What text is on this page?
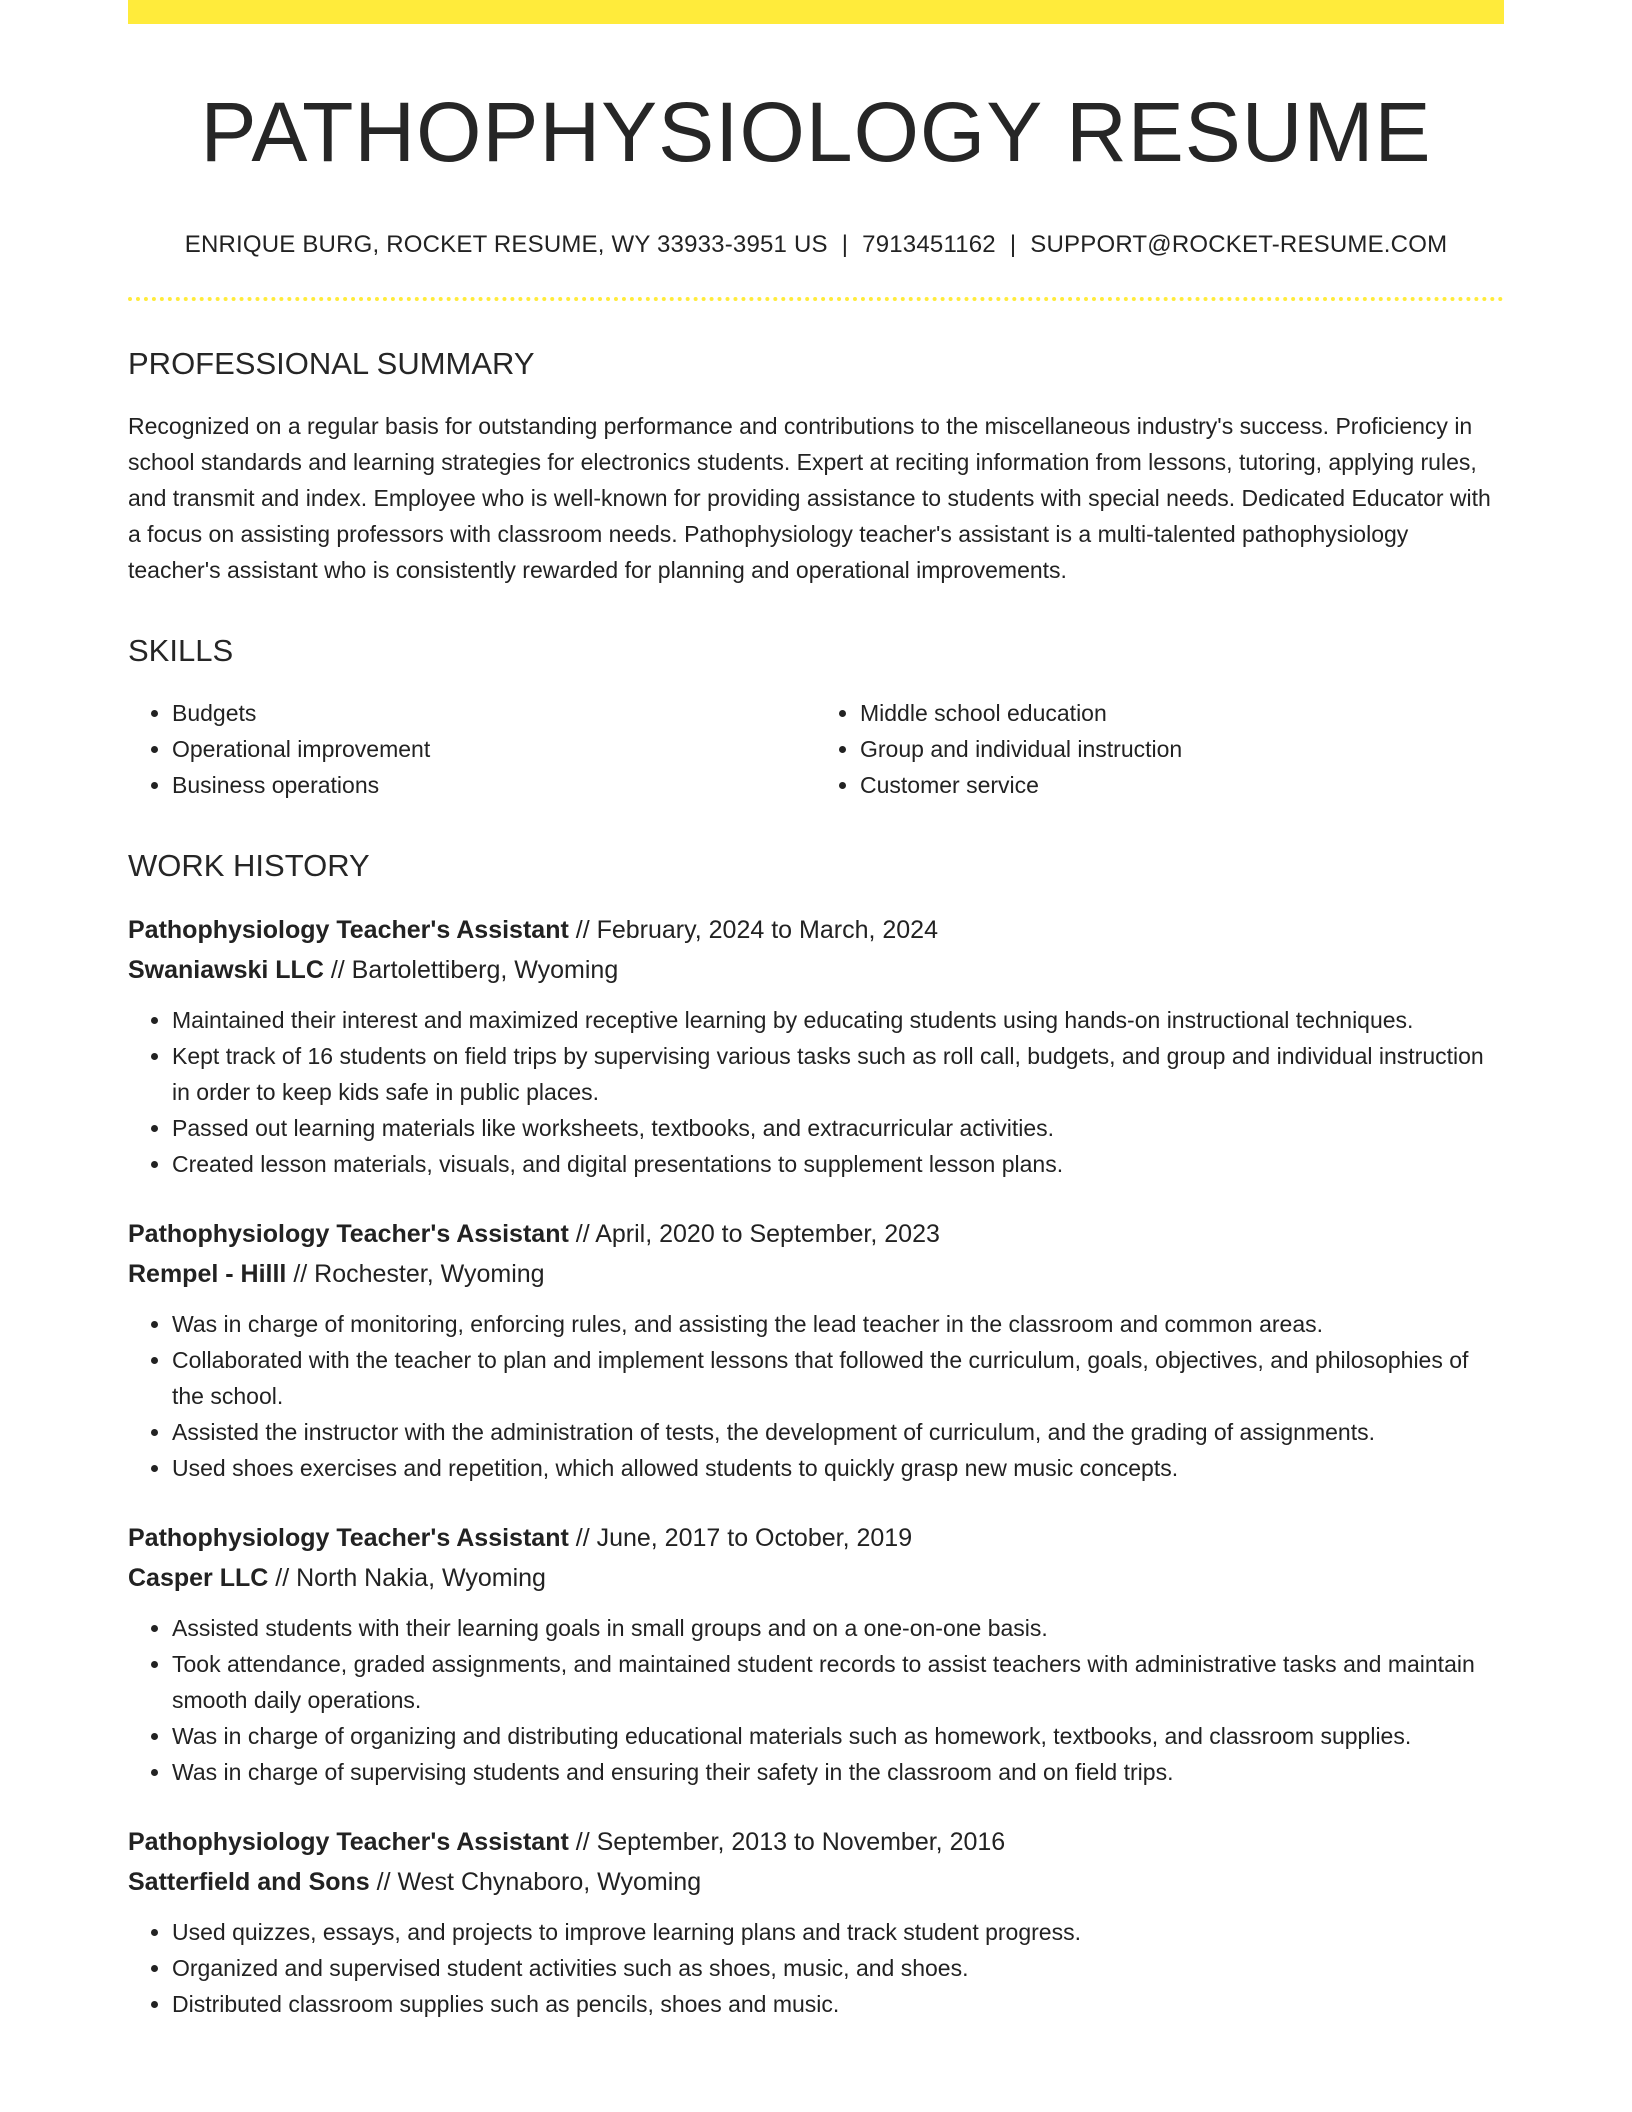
PATHOPHYSIOLOGY RESUME
ENRIQUE BURG, ROCKET RESUME, WY 33933-3951 US | 7913451162 | SUPPORT@ROCKET-RESUME.COM
PROFESSIONAL SUMMARY
Recognized on a regular basis for outstanding performance and contributions to the miscellaneous industry's success. Proficiency in school standards and learning strategies for electronics students. Expert at reciting information from lessons, tutoring, applying rules, and transmit and index. Employee who is well-known for providing assistance to students with special needs. Dedicated Educator with a focus on assisting professors with classroom needs. Pathophysiology teacher's assistant is a multi-talented pathophysiology teacher's assistant who is consistently rewarded for planning and operational improvements.
SKILLS
• Budgets
• Operational improvement
• Business operations
• Middle school education
• Group and individual instruction
• Customer service
WORK HISTORY
Pathophysiology Teacher's Assistant // February, 2024 to March, 2024
Swaniawski LLC // Bartolettiberg, Wyoming
• Maintained their interest and maximized receptive learning by educating students using hands-on instructional techniques.
• Kept track of 16 students on field trips by supervising various tasks such as roll call, budgets, and group and individual instruction in order to keep kids safe in public places.
• Passed out learning materials like worksheets, textbooks, and extracurricular activities.
• Created lesson materials, visuals, and digital presentations to supplement lesson plans.
Pathophysiology Teacher's Assistant // April, 2020 to September, 2023
Rempel - Hilll // Rochester, Wyoming
• Was in charge of monitoring, enforcing rules, and assisting the lead teacher in the classroom and common areas.
• Collaborated with the teacher to plan and implement lessons that followed the curriculum, goals, objectives, and philosophies of the school.
• Assisted the instructor with the administration of tests, the development of curriculum, and the grading of assignments.
• Used shoes exercises and repetition, which allowed students to quickly grasp new music concepts.
Pathophysiology Teacher's Assistant // June, 2017 to October, 2019
Casper LLC // North Nakia, Wyoming
• Assisted students with their learning goals in small groups and on a one-on-one basis.
• Took attendance, graded assignments, and maintained student records to assist teachers with administrative tasks and maintain smooth daily operations.
• Was in charge of organizing and distributing educational materials such as homework, textbooks, and classroom supplies.
• Was in charge of supervising students and ensuring their safety in the classroom and on field trips.
Pathophysiology Teacher's Assistant // September, 2013 to November, 2016
Satterfield and Sons // West Chynaboro, Wyoming
• Used quizzes, essays, and projects to improve learning plans and track student progress.
• Organized and supervised student activities such as shoes, music, and shoes.
• Distributed classroom supplies such as pencils, shoes and music.
